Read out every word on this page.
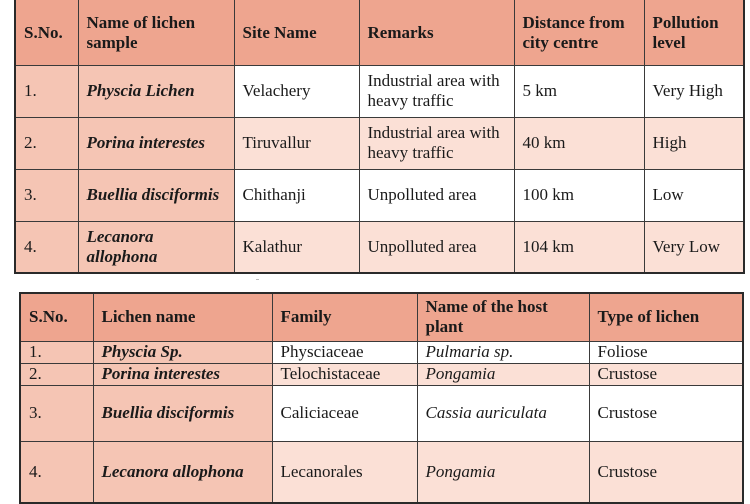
S.No.	Name of lichen sample	Site Name	Remarks	Distance from city centre	Pollution level
1.	Physcia Lichen	Velachery	Industrial area with heavy traffic	5 km	Very High
2.	Porina interestes	Tiruvallur	Industrial area with heavy traffic	40 km	High
3.	Buellia disciformis	Chithanji	Unpolluted area	100 km	Low
4.	Lecanora allophona	Kalathur	Unpolluted area	104 km	Very Low
S.No.	Lichen name	Family	Name of the host plant	Type of lichen
1.	Physcia Sp.	Physciaceae	Pulmaria sp.	Foliose
2.	Porina interestes	Telochistaceae	Pongamia	Crustose
3.	Buellia disciformis	Caliciaceae	Cassia auriculata	Crustose
4.	Lecanora allophona	Lecanorales	Pongamia	Crustose
